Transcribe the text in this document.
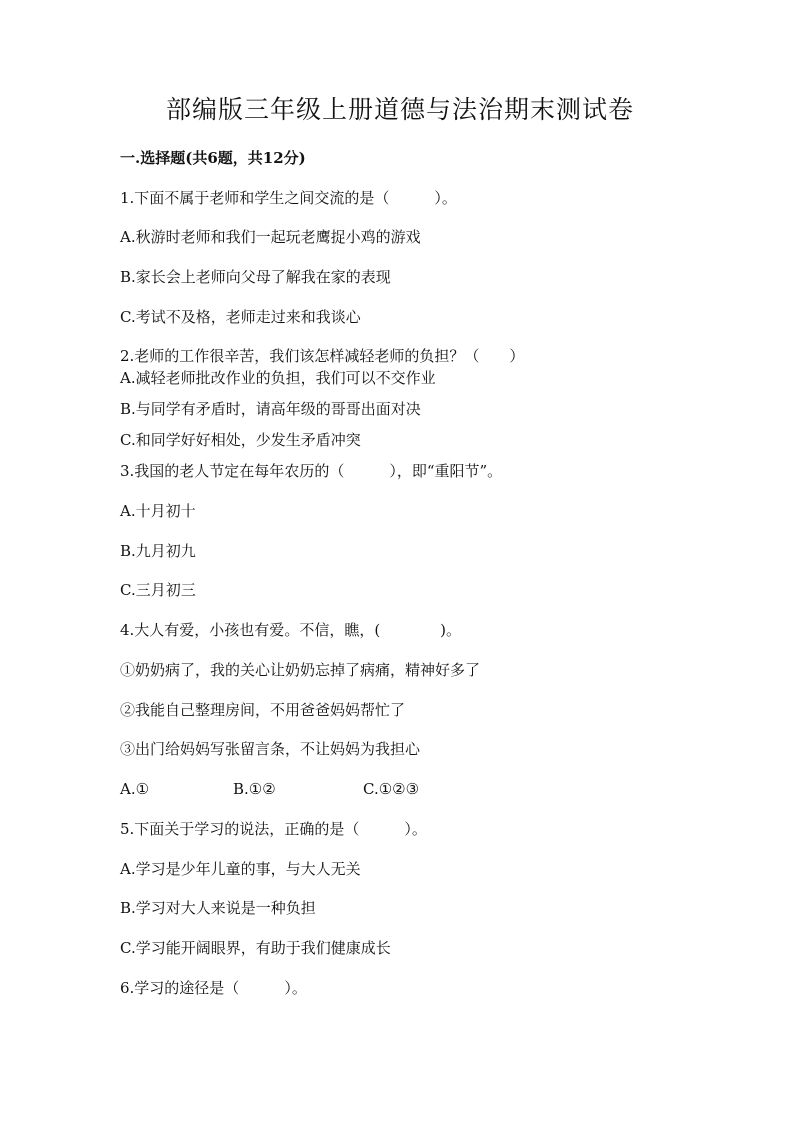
部编版三年级上册道德与法治期末测试卷
一.选择题(共6题，共12分)
1.下面不属于老师和学生之间交流的是（　　　）。
A.秋游时老师和我们一起玩老鹰捉小鸡的游戏
B.家长会上老师向父母了解我在家的表现
C.考试不及格，老师走过来和我谈心
2.老师的工作很辛苦，我们该怎样减轻老师的负担？（　　）
A.减轻老师批改作业的负担，我们可以不交作业
B.与同学有矛盾时，请高年级的哥哥出面对决
C.和同学好好相处，少发生矛盾冲突
3.我国的老人节定在每年农历的（　　　），即“重阳节”。
A.十月初十
B.九月初九
C.三月初三
4.大人有爱，小孩也有爱。不信，瞧，(　　　　)。
①奶奶病了，我的关心让奶奶忘掉了病痛，精神好多了
②我能自己整理房间，不用爸爸妈妈帮忙了
③出门给妈妈写张留言条，不让妈妈为我担心
A.①	B.①②	C.①②③
5.下面关于学习的说法，正确的是（　　　）。
A.学习是少年儿童的事，与大人无关
B.学习对大人来说是一种负担
C.学习能开阔眼界，有助于我们健康成长
6.学习的途径是（　　　）。
